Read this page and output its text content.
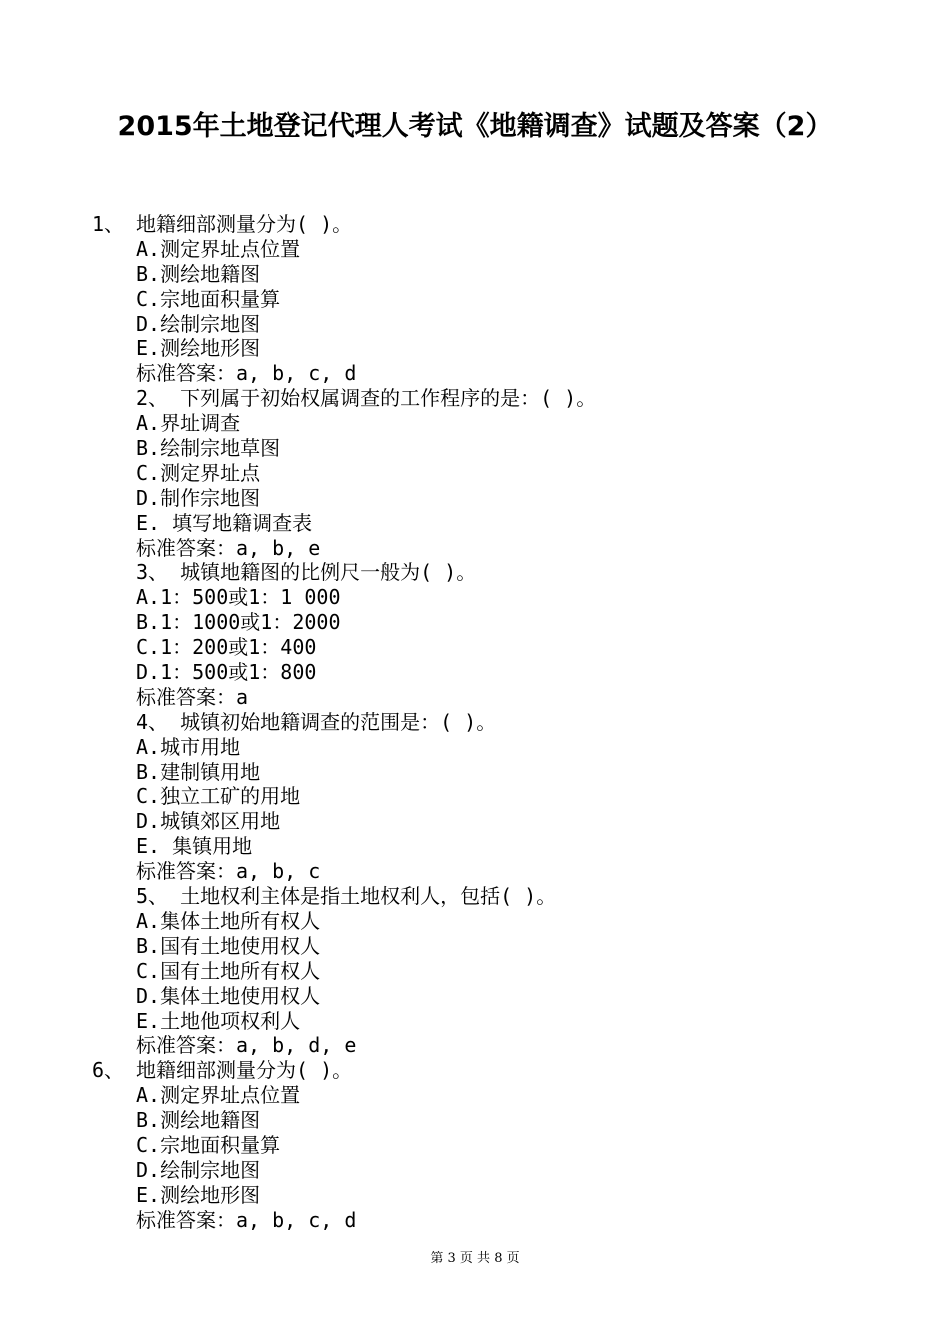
2015年土地登记代理人考试《地籍调查》试题及答案（2）
1、 地籍细部测量分为( )。
A.测定界址点位置
B.测绘地籍图
C.宗地面积量算
D.绘制宗地图
E.测绘地形图
标准答案：a, b, c, d
2、 下列属于初始权属调查的工作程序的是：( )。
A.界址调查
B.绘制宗地草图
C.测定界址点
D.制作宗地图
E. 填写地籍调查表
标准答案：a, b, e
3、 城镇地籍图的比例尺一般为( )。
A.1：500或1：1 000
B.1：1000或1：2000
C.1：200或1：400
D.1：500或1：800
标准答案：a
4、 城镇初始地籍调查的范围是：( )。
A.城市用地
B.建制镇用地
C.独立工矿的用地
D.城镇郊区用地
E. 集镇用地
标准答案：a, b, c
5、 土地权利主体是指土地权利人，包括( )。
A.集体土地所有权人
B.国有土地使用权人
C.国有土地所有权人
D.集体土地使用权人
E.土地他项权利人
标准答案：a, b, d, e
6、 地籍细部测量分为( )。
A.测定界址点位置
B.测绘地籍图
C.宗地面积量算
D.绘制宗地图
E.测绘地形图
标准答案：a, b, c, d
第 3 页 共 8 页
